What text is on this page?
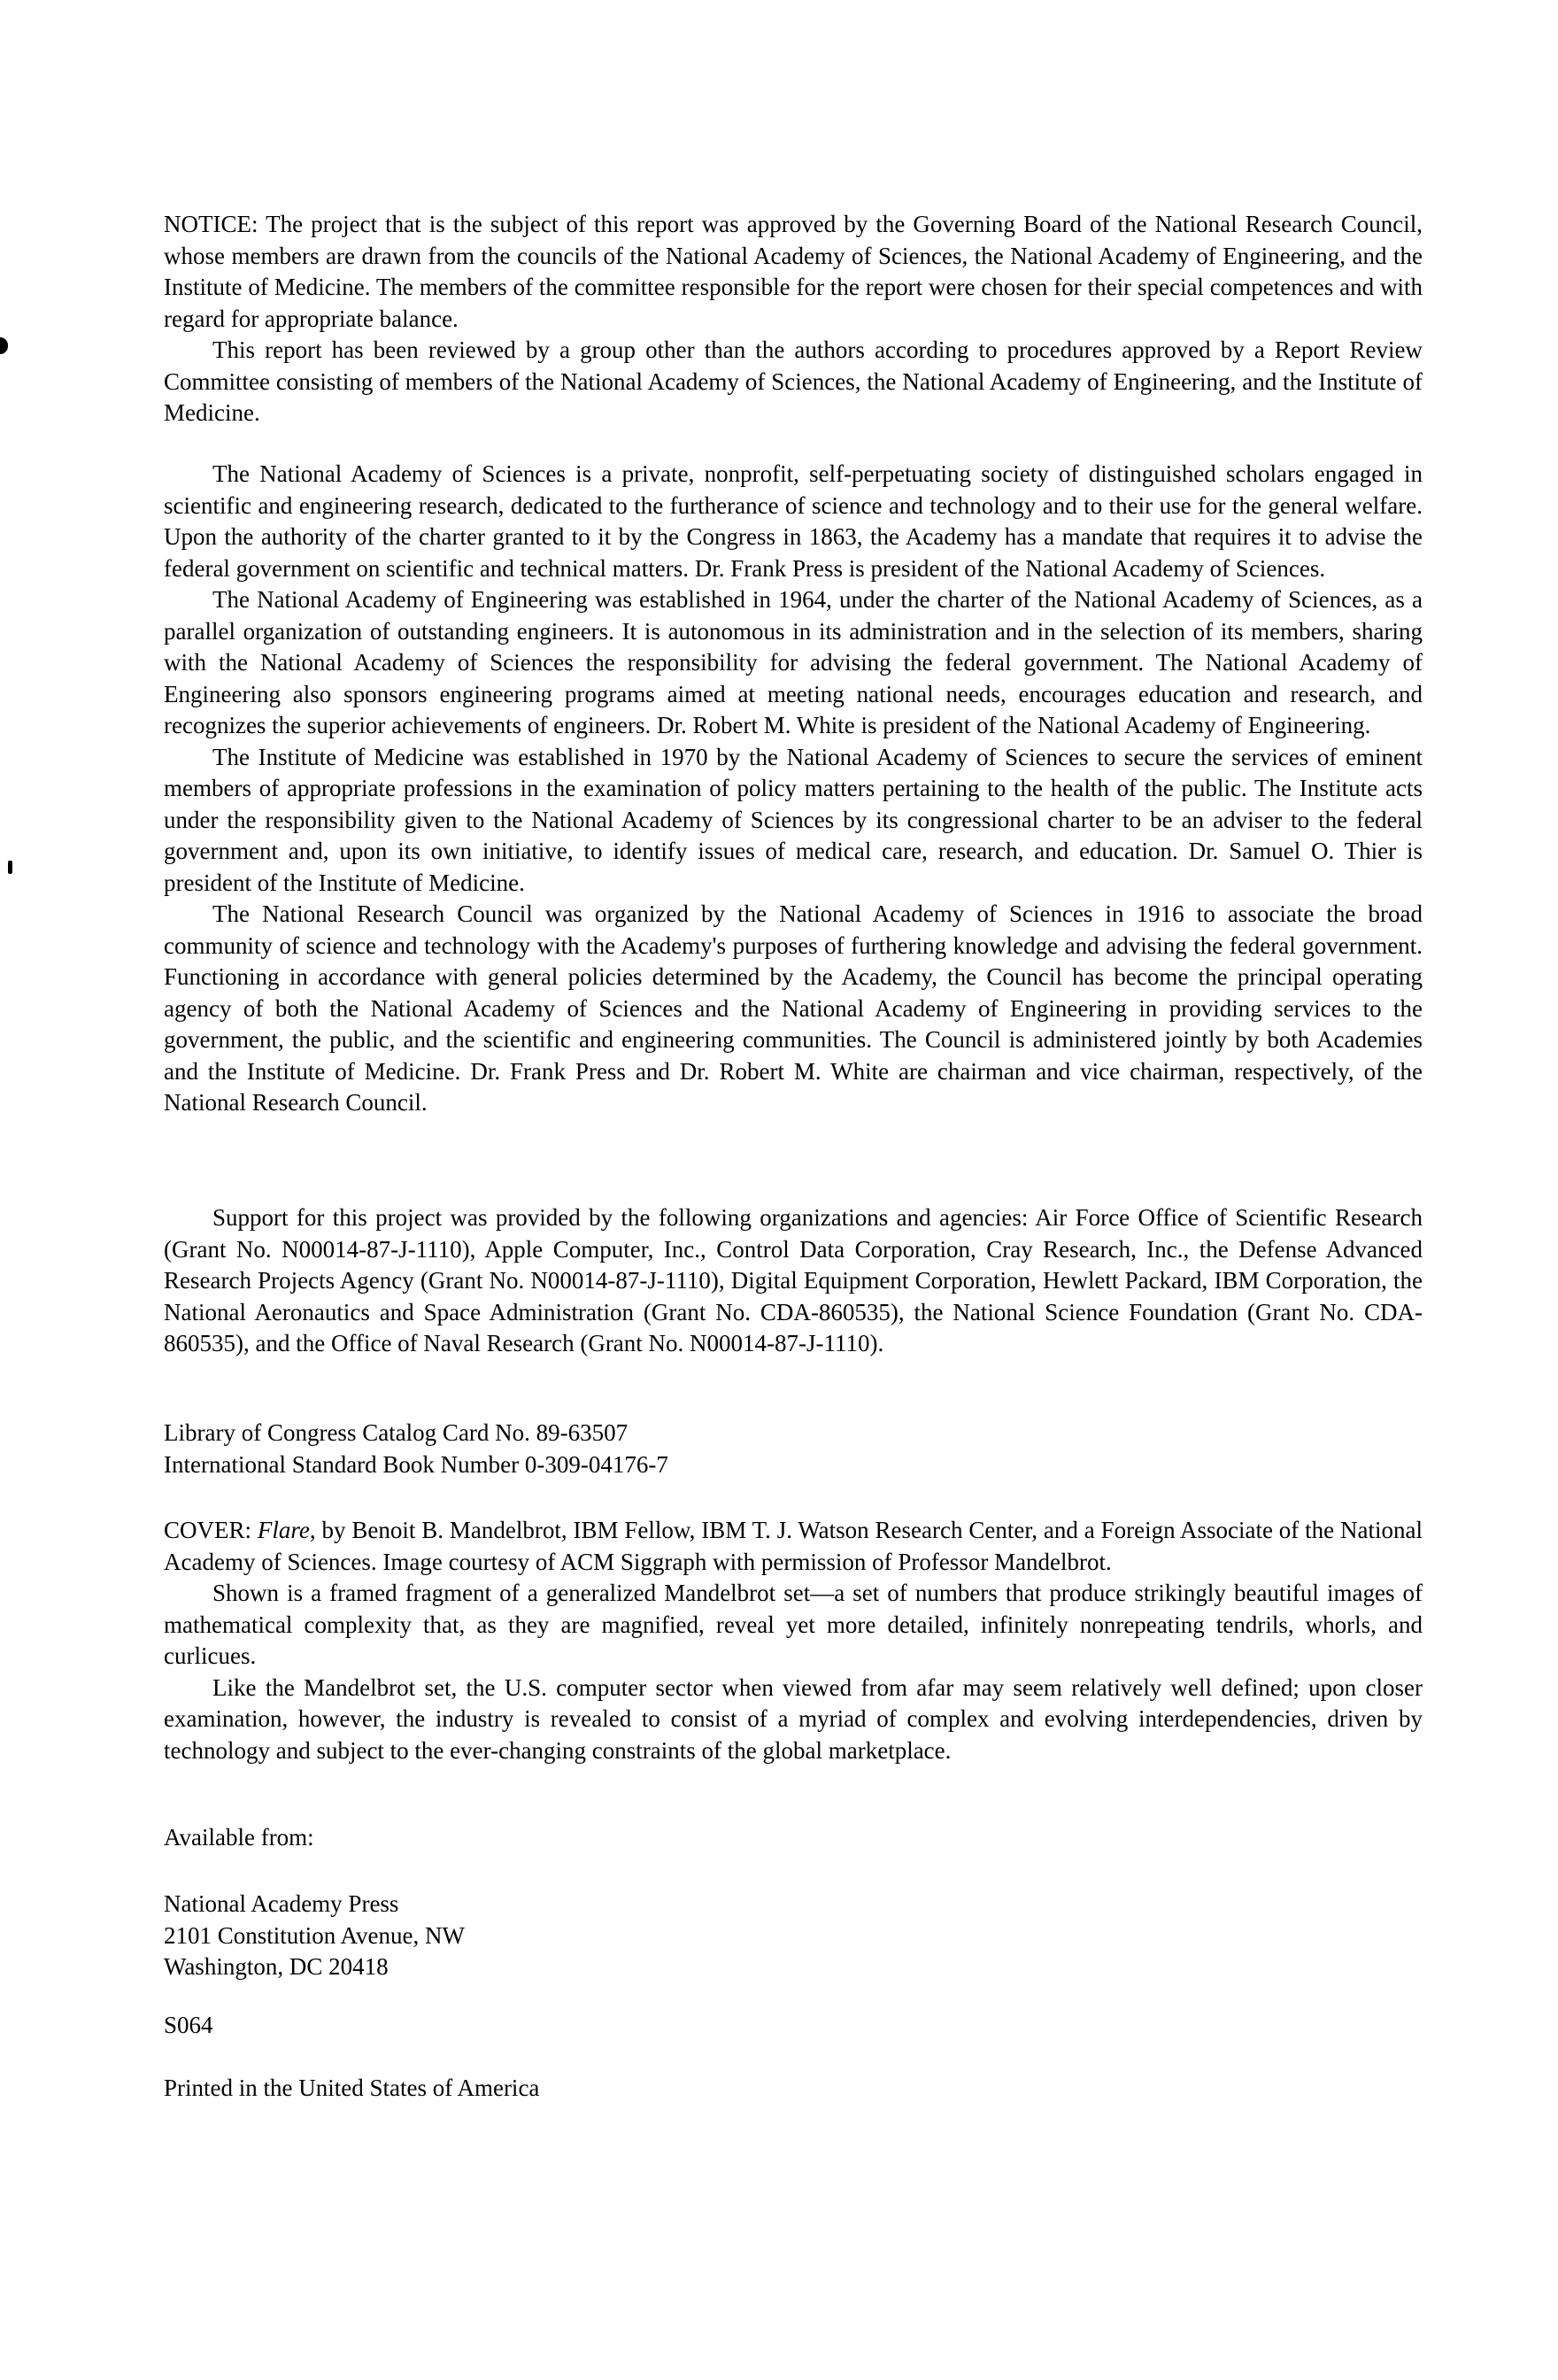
NOTICE: The project that is the subject of this report was approved by the Governing Board of the National Research Council, whose members are drawn from the councils of the National Academy of Sciences, the National Academy of Engineering, and the Institute of Medicine. The members of the committee responsible for the report were chosen for their special competences and with regard for appropriate balance.

This report has been reviewed by a group other than the authors according to procedures approved by a Report Review Committee consisting of members of the National Academy of Sciences, the National Academy of Engineering, and the Institute of Medicine.

The National Academy of Sciences is a private, nonprofit, self-perpetuating society of distinguished scholars engaged in scientific and engineering research, dedicated to the furtherance of science and technology and to their use for the general welfare. Upon the authority of the charter granted to it by the Congress in 1863, the Academy has a mandate that requires it to advise the federal government on scientific and technical matters. Dr. Frank Press is president of the National Academy of Sciences.

The National Academy of Engineering was established in 1964, under the charter of the National Academy of Sciences, as a parallel organization of outstanding engineers. It is autonomous in its administration and in the selection of its members, sharing with the National Academy of Sciences the responsibility for advising the federal government. The National Academy of Engineering also sponsors engineering programs aimed at meeting national needs, encourages education and research, and recognizes the superior achievements of engineers. Dr. Robert M. White is president of the National Academy of Engineering.

The Institute of Medicine was established in 1970 by the National Academy of Sciences to secure the services of eminent members of appropriate professions in the examination of policy matters pertaining to the health of the public. The Institute acts under the responsibility given to the National Academy of Sciences by its congressional charter to be an adviser to the federal government and, upon its own initiative, to identify issues of medical care, research, and education. Dr. Samuel O. Thier is president of the Institute of Medicine.

The National Research Council was organized by the National Academy of Sciences in 1916 to associate the broad community of science and technology with the Academy's purposes of furthering knowledge and advising the federal government. Functioning in accordance with general policies determined by the Academy, the Council has become the principal operating agency of both the National Academy of Sciences and the National Academy of Engineering in providing services to the government, the public, and the scientific and engineering communities. The Council is administered jointly by both Academies and the Institute of Medicine. Dr. Frank Press and Dr. Robert M. White are chairman and vice chairman, respectively, of the National Research Council.

Support for this project was provided by the following organizations and agencies: Air Force Office of Scientific Research (Grant No. N00014-87-J-1110), Apple Computer, Inc., Control Data Corporation, Cray Research, Inc., the Defense Advanced Research Projects Agency (Grant No. N00014-87-J-1110), Digital Equipment Corporation, Hewlett Packard, IBM Corporation, the National Aeronautics and Space Administration (Grant No. CDA-860535), the National Science Foundation (Grant No. CDA-860535), and the Office of Naval Research (Grant No. N00014-87-J-1110).

Library of Congress Catalog Card No. 89-63507

International Standard Book Number 0-309-04176-7

COVER: Flare, by Benoit B. Mandelbrot, IBM Fellow, IBM T. J. Watson Research Center, and a Foreign Associate of the National Academy of Sciences. Image courtesy of ACM Siggraph with permission of Professor Mandelbrot.

Shown is a framed fragment of a generalized Mandelbrot set—a set of numbers that produce strikingly beautiful images of mathematical complexity that, as they are magnified, reveal yet more detailed, infinitely nonrepeating tendrils, whorls, and curlicues.

Like the Mandelbrot set, the U.S. computer sector when viewed from afar may seem relatively well defined; upon closer examination, however, the industry is revealed to consist of a myriad of complex and evolving interdependencies, driven by technology and subject to the ever-changing constraints of the global marketplace.

Available from:

National Academy Press

2101 Constitution Avenue, NW

Washington, DC 20418

S064

Printed in the United States of America
